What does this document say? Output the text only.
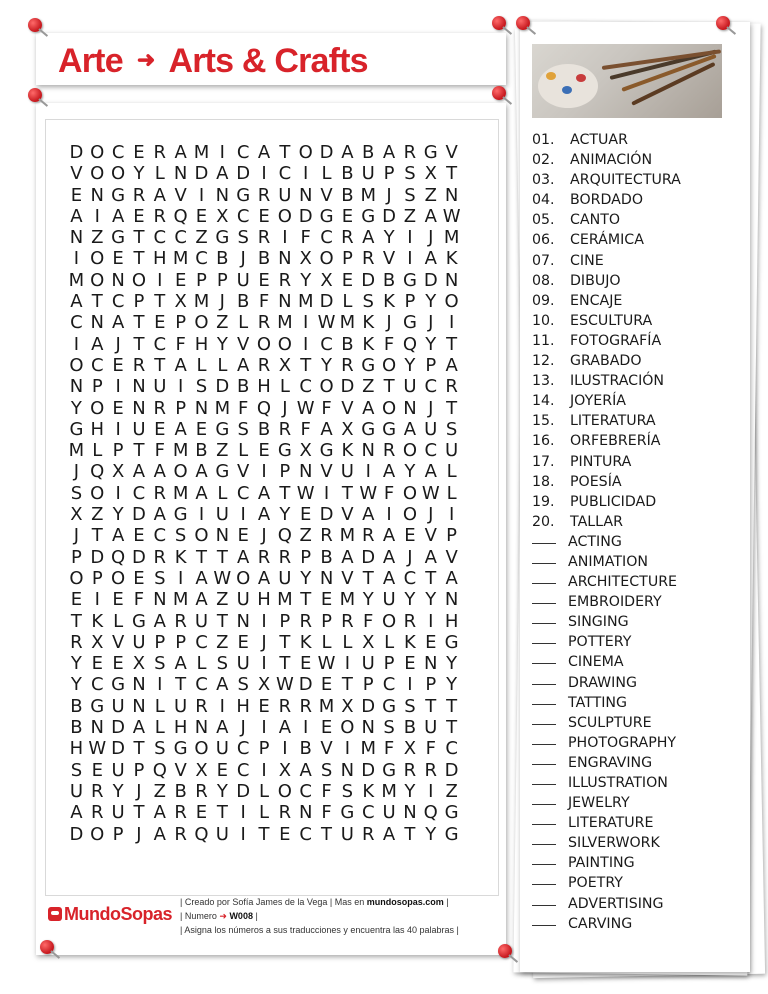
Arte ➜ Arts & Crafts
D O C E R A M I C A T O D A B A R G V
V O O Y L N D A D I C I L B U P S X T
E N G R A V I N G R U N V B M J S Z N
A I A E R Q E X C E O D G E G D Z A W
N Z G T C C Z G S R I F C R A Y I J M
I O E T H M C B J B N X O P R V I A K
M O N O I E P P U E R Y X E D B G D N
A T C P T X M J B F N M D L S K P Y O
C N A T E P O Z L R M I W M K J G J I
I A J T C F H Y V O O I C B K F Q Y T
O C E R T A L L A R X T Y R G O Y P A
N P I N U I S D B H L C O D Z T U C R
Y O E N R P N M F Q J W F V A O N J T
G H I U E A E G S B R F A X G G A U S
M L P T F M B Z L E G X G K N R O C U
J Q X A A O A G V I P N V U I A Y A L
S O I C R M A L C A T W I T W F O W L
X Z Y D A G I U I A Y E D V A I O J I
J T A E C S O N E J Q Z R M R A E V P
P D Q D R K T T A R R P B A D A J A V
O P O E S I A W O A U Y N V T A C T A
E I E F N M A Z U H M T E M Y U Y Y N
T K L G A R U T N I P R P R F O R I H
R X V U P P C Z E J T K L L X L K E G
Y E E X S A L S U I T E W I U P E N Y
Y C G N I T C A S X W D E T P C I P Y
B G U N L U R I H E R R M X D G S T T
B N D A L H N A J I A I E O N S B U T
H W D T S G O U C P I B V I M F X F C
S E U P Q V X E C I X A S N D G R R D
U R Y J Z B R Y D L O C F S K M Y I Z
A R U T A R E T I L R N F G C U N Q G
D O P J A R Q U I T E C T U R A T Y G
MundoSopas
| Creado por Sofía James de la Vega | Mas en mundosopas.com |
| Numero ➜ W008 |
| Asigna los números a sus traducciones y encuentra las 40 palabras |
01. ACTUAR
02. ANIMACIÓN
03. ARQUITECTURA
04. BORDADO
05. CANTO
06. CERÁMICA
07. CINE
08. DIBUJO
09. ENCAJE
10. ESCULTURA
11. FOTOGRAFÍA
12. GRABADO
13. ILUSTRACIÓN
14. JOYERÍA
15. LITERATURA
16. ORFEBRERÍA
17. PINTURA
18. POESÍA
19. PUBLICIDAD
20. TALLAR
ACTING
ANIMATION
ARCHITECTURE
EMBROIDERY
SINGING
POTTERY
CINEMA
DRAWING
TATTING
SCULPTURE
PHOTOGRAPHY
ENGRAVING
ILLUSTRATION
JEWELRY
LITERATURE
SILVERWORK
PAINTING
POETRY
ADVERTISING
CARVING
